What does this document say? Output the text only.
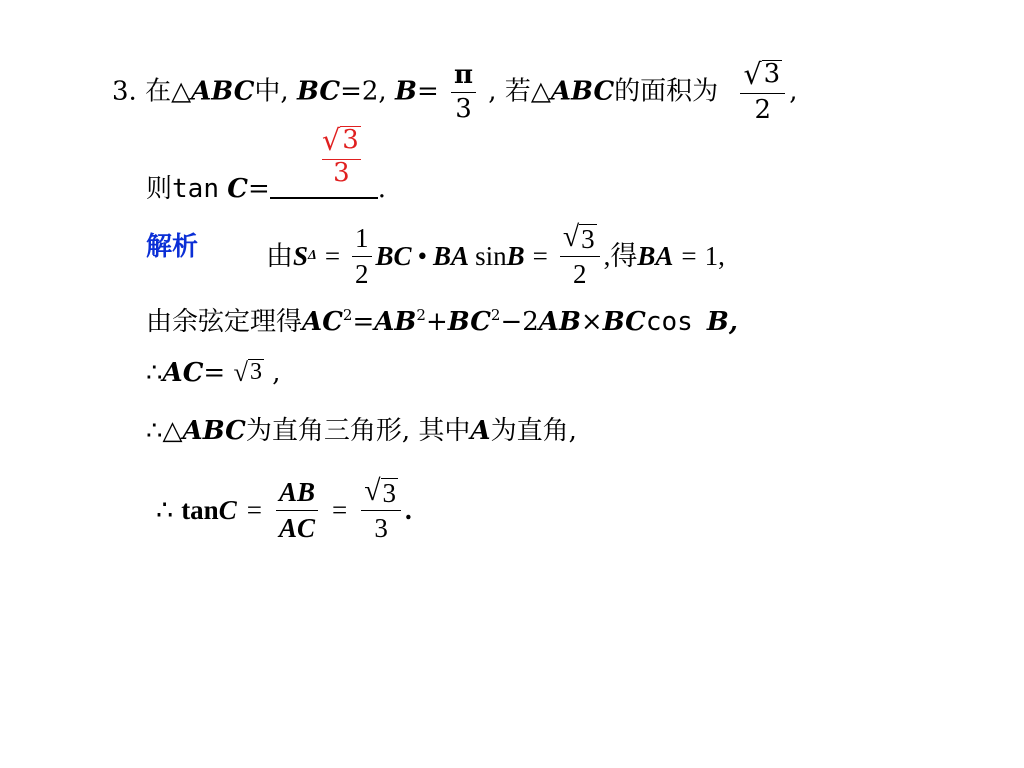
3. 在△ABC中, BC=2, $B= \frac{\pi}{3}$ , 若△ABC的面积为 $\frac{√ 3}{2}$ ,
√ 3
3
则tan C=	.
解析	由 S $\Delta = \frac{1}{2}$ BC • BA $\sin B = \frac{√ 3}{2}$ ,得 BA = 1,
由余弦定理得$AC^2=AB^2+BC^2-2AB\times BCcos$ B,
∴AC= √ 3 ,
∴△ABC为直角三角形, 其中A为直角,
∴ $\tan C = \frac{AB}{AC} = \frac{√ 3}{3}$ .
